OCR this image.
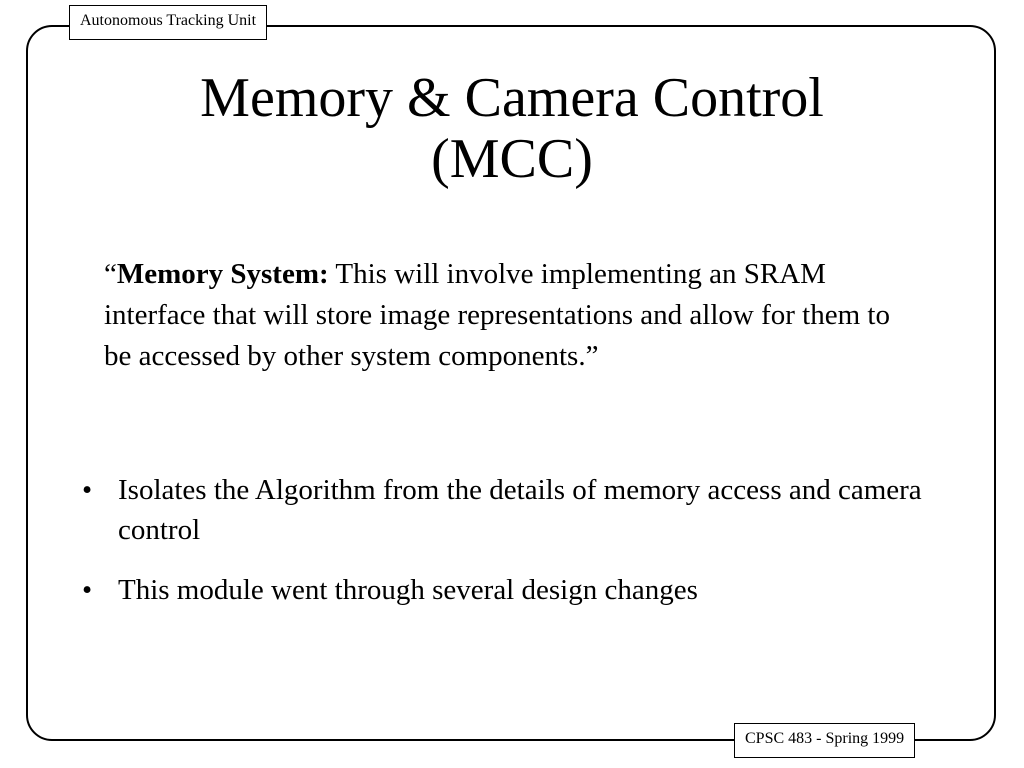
Autonomous Tracking Unit
Memory & Camera Control
(MCC)

“Memory System: This will involve implementing an SRAM interface that will store image representations and allow for them to be accessed by other system components.”

• Isolates the Algorithm from the details of memory access and camera control
• This module went through several design changes
CPSC 483 - Spring 1999
